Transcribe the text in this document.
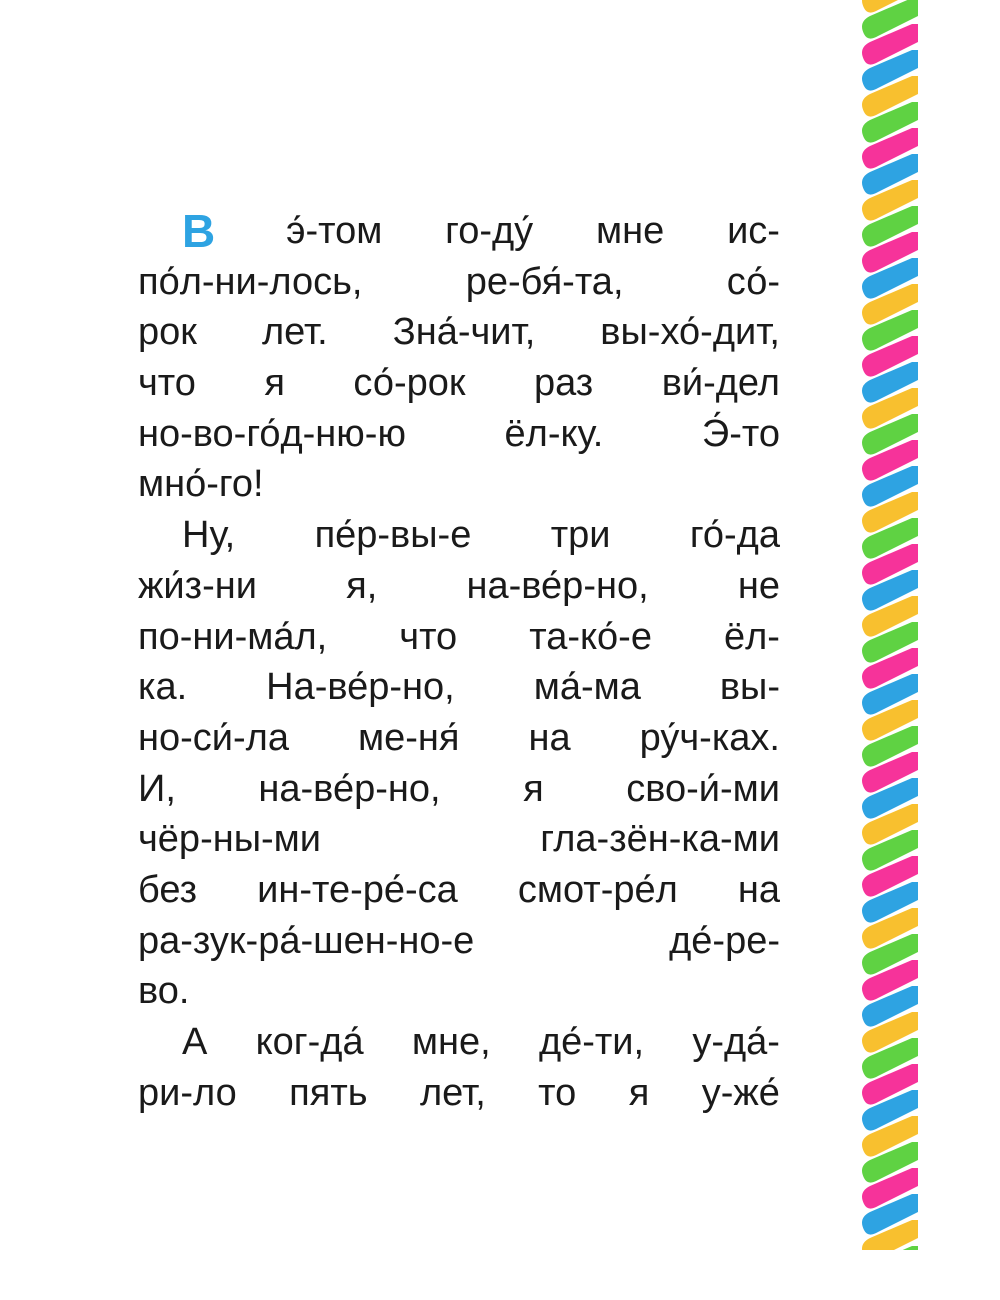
В э́-том го-ду́ мне ис-
по́л-ни-лось,	ре-бя́-та,	со́-
рок лет. Зна́-чит, вы-хо́-дит,
что я со́-рок раз ви́-дел
но-во-го́д-ню-ю	ёл-ку.	Э́-то
мно́-го!
Ну, пе́р-вы-е три го́-да
жи́з-ни я, на-ве́р-но, не
по-ни-ма́л, что та-ко́-е ёл-
ка. На-ве́р-но, ма́-ма вы-
но-си́-ла ме-ня́ на ру́ч-ках.
И, на-ве́р-но, я сво-и́-ми
чёр-ны-ми	гла-зён-ка-ми
без ин-те-ре́-са смот-ре́л на
ра-зук-ра́-шен-но-е	де́-ре-
во.
А ког-да́ мне, де́-ти, у-да́-
ри-ло пять лет, то я у-же́
